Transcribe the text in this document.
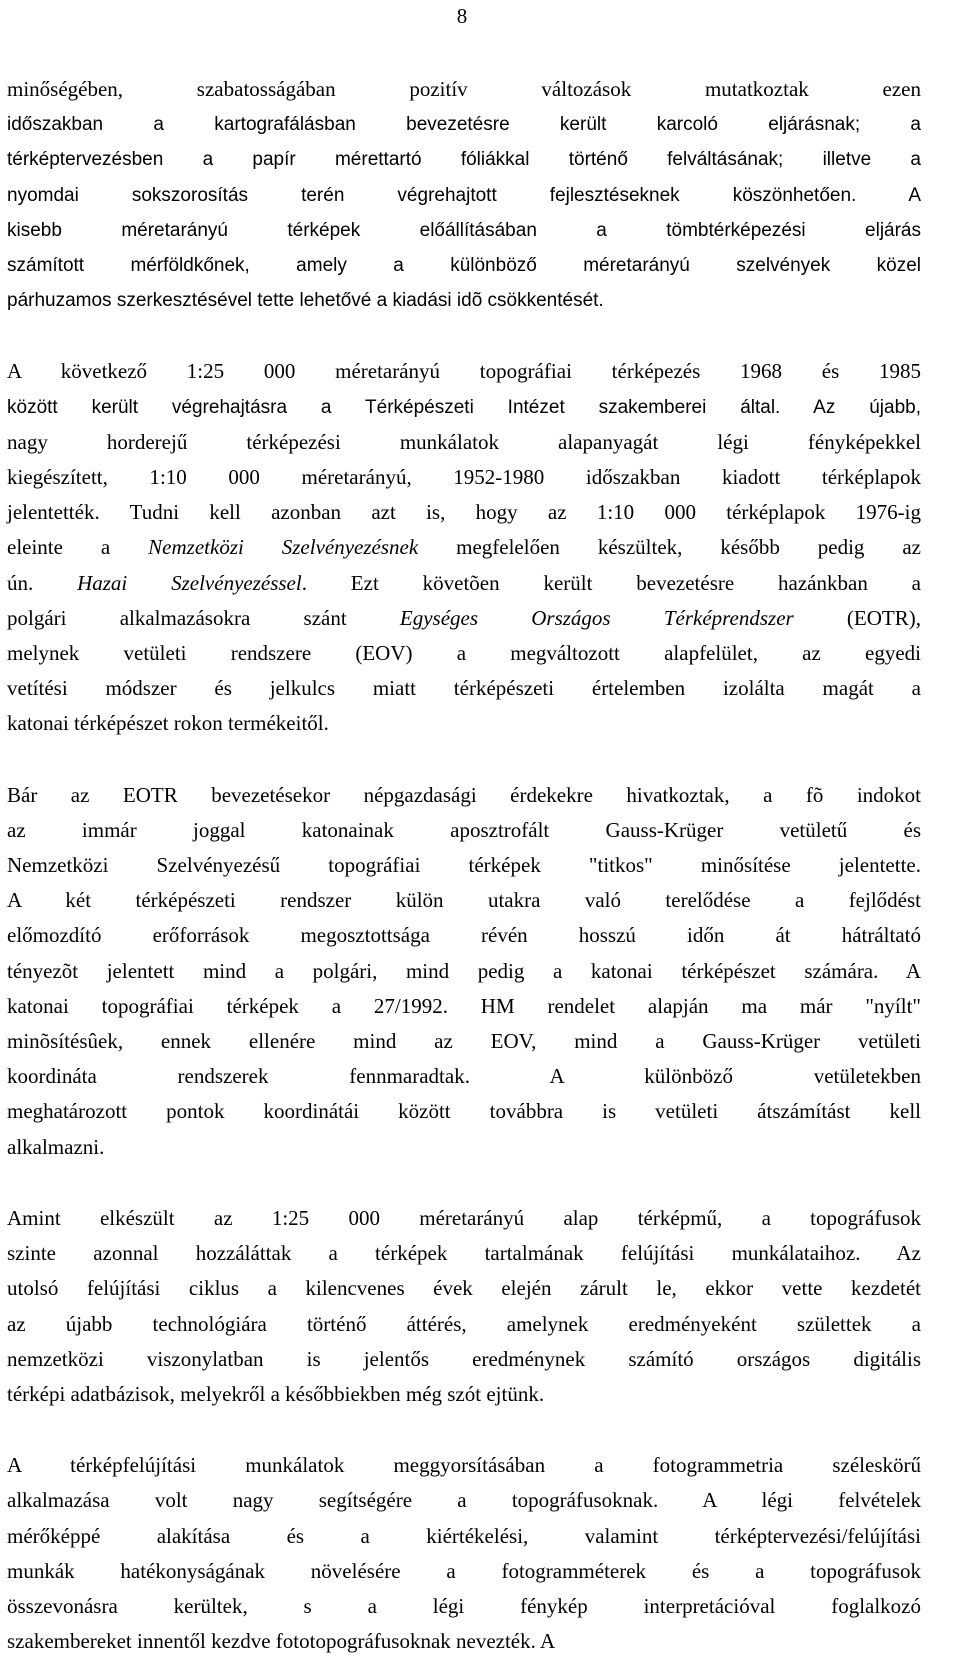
8

minőségében, szabatosságában pozitív változások mutatkoztak ezen
időszakban a kartografálásban bevezetésre került karcoló eljárásnak; a
térképtervezésben a papír mérettartó fóliákkal történő felváltásának; illetve a
nyomdai sokszorosítás terén végrehajtott fejlesztéseknek köszönhetően. A
kisebb méretarányú térképek előállításában a tömbtérképezési eljárás
számított mérföldkőnek, amely a különböző méretarányú szelvények közel
párhuzamos szerkesztésével tette lehetővé a kiadási idõ csökkentését.

A következő 1:25 000 méretarányú topográfiai térképezés 1968 és 1985
között került végrehajtásra a Térképészeti Intézet szakemberei által. Az újabb,
nagy horderejű térképezési munkálatok alapanyagát légi fényképekkel
kiegészített, 1:10 000 méretarányú, 1952-1980 időszakban kiadott térképlapok
jelentették. Tudni kell azonban azt is, hogy az 1:10 000 térképlapok 1976-ig
eleinte a Nemzetközi Szelvényezésnek megfelelően készültek, később pedig az
ún. Hazai Szelvényezéssel. Ezt követõen került bevezetésre hazánkban a
polgári alkalmazásokra szánt Egységes Országos Térképrendszer (EOTR),
melynek vetületi rendszere (EOV) a megváltozott alapfelület, az egyedi
vetítési módszer és jelkulcs miatt térképészeti értelemben izolálta magát a
katonai térképészet rokon termékeitől.

Bár az EOTR bevezetésekor népgazdasági érdekekre hivatkoztak, a fõ indokot
az immár joggal katonainak aposztrofált Gauss-Krüger vetületű és
Nemzetközi Szelvényezésű topográfiai térképek "titkos" minősítése jelentette.
A két térképészeti rendszer külön utakra való terelődése a fejlődést
előmozdító erőforrások megosztottsága révén hosszú időn át hátráltató
tényezõt jelentett mind a polgári, mind pedig a katonai térképészet számára. A
katonai topográfiai térképek a 27/1992. HM rendelet alapján ma már "nyílt"
minõsítésûek, ennek ellenére mind az EOV, mind a Gauss-Krüger vetületi
koordináta rendszerek fennmaradtak. A különböző vetületekben
meghatározott pontok koordinátái között továbbra is vetületi átszámítást kell
alkalmazni.

Amint elkészült az 1:25 000 méretarányú alap térképmű, a topográfusok
szinte azonnal hozzáláttak a térképek tartalmának felújítási munkálataihoz. Az
utolsó felújítási ciklus a kilencvenes évek elején zárult le, ekkor vette kezdetét
az újabb technológiára történő áttérés, amelynek eredményeként születtek a
nemzetközi viszonylatban is jelentős eredménynek számító országos digitális
térképi adatbázisok, melyekről a későbbiekben még szót ejtünk.

A térképfelújítási munkálatok meggyorsításában a fotogrammetria széleskörű
alkalmazása volt nagy segítségére a topográfusoknak. A légi felvételek
mérőképpé alakítása és a kiértékelési, valamint térképtervezési/felújítási
munkák hatékonyságának növelésére a fotogramméterek és a topográfusok
összevonásra kerültek, s a légi fénykép interpretációval foglalkozó
szakembereket innentől kezdve fototopográfusoknak nevezték. A
